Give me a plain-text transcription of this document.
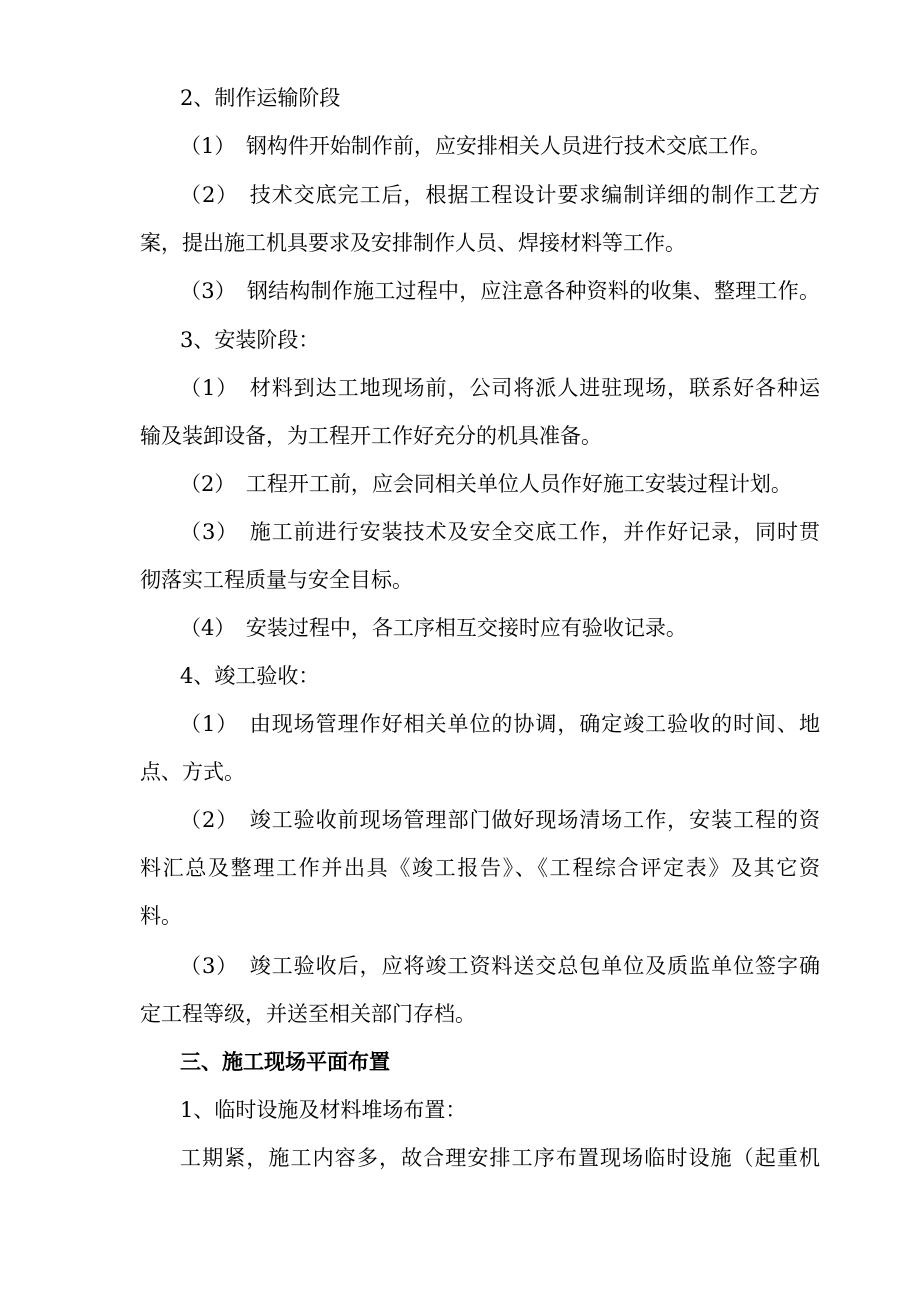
2、制作运输阶段
（1）　钢构件开始制作前，应安排相关人员进行技术交底工作。
（2）　技术交底完工后，根据工程设计要求编制详细的制作工艺方
案，提出施工机具要求及安排制作人员、焊接材料等工作。
（3）　钢结构制作施工过程中，应注意各种资料的收集、整理工作。
3、安装阶段：
（1）　材料到达工地现场前，公司将派人进驻现场，联系好各种运
输及装卸设备，为工程开工作好充分的机具准备。
（2）　工程开工前，应会同相关单位人员作好施工安装过程计划。
（3）　施工前进行安装技术及安全交底工作，并作好记录，同时贯
彻落实工程质量与安全目标。
（4）　安装过程中，各工序相互交接时应有验收记录。
4、竣工验收：
（1）　由现场管理作好相关单位的协调，确定竣工验收的时间、地
点、方式。
（2）　竣工验收前现场管理部门做好现场清场工作，安装工程的资
料汇总及整理工作并出具《竣工报告》、《工程综合评定表》及其它资
料。
（3）　竣工验收后，应将竣工资料送交总包单位及质监单位签字确
定工程等级，并送至相关部门存档。
三、施工现场平面布置
1、临时设施及材料堆场布置：
工期紧，施工内容多，故合理安排工序布置现场临时设施（起重机
